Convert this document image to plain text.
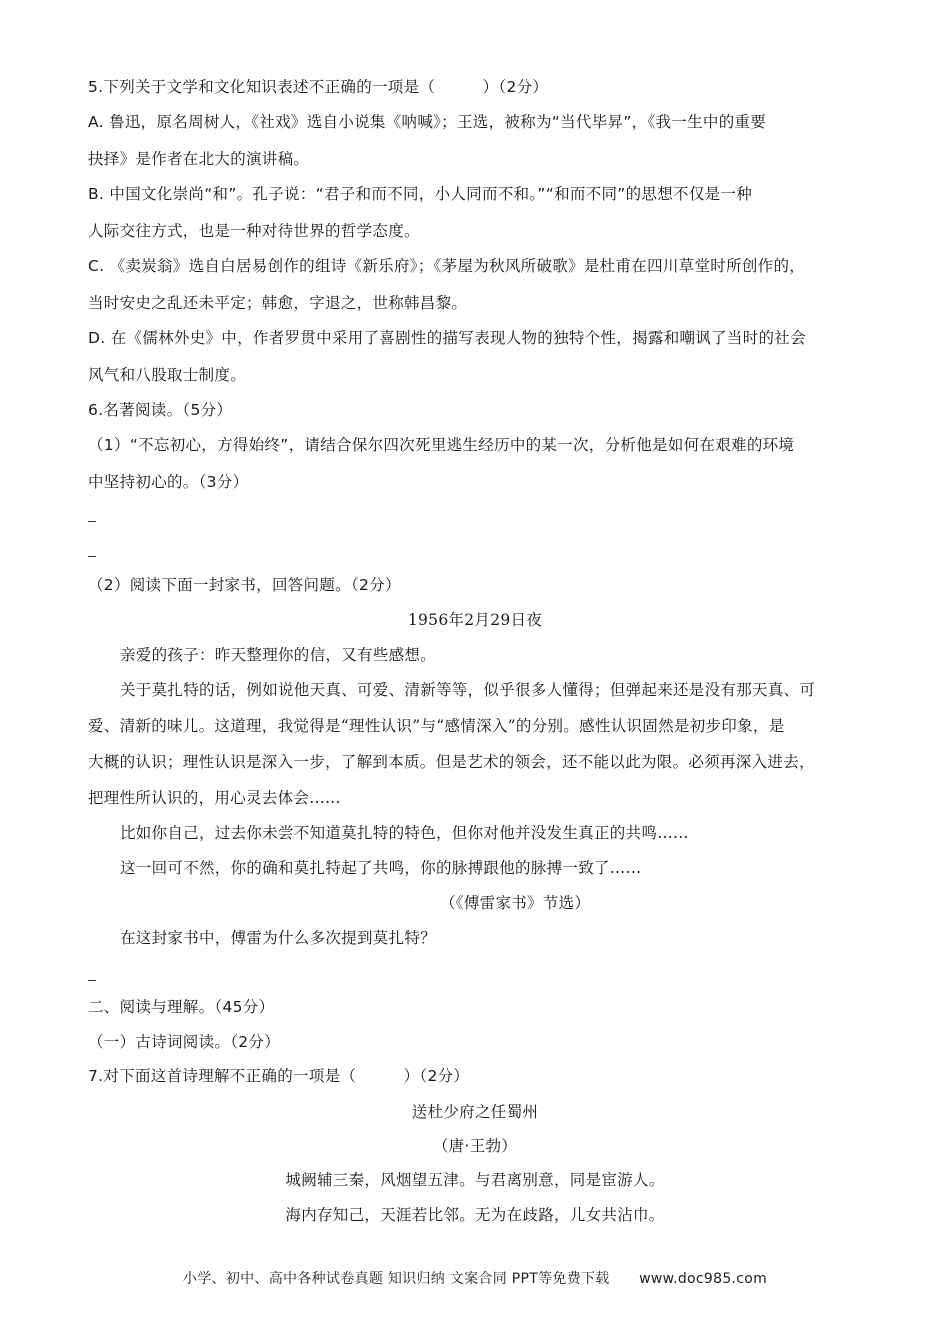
5.下列关于文学和文化知识表述不正确的一项是（　　　）（2分）
A. 鲁迅，原名周树人，《社戏》选自小说集《呐喊》；王选，被称为“当代毕昇”，《我一生中的重要
抉择》是作者在北大的演讲稿。
B. 中国文化崇尚“和”。孔子说：“君子和而不同，小人同而不和。”“和而不同”的思想不仅是一种
人际交往方式，也是一种对待世界的哲学态度。
C. 《卖炭翁》选自白居易创作的组诗《新乐府》；《茅屋为秋风所破歌》是杜甫在四川草堂时所创作的，
当时安史之乱还未平定；韩愈，字退之，世称韩昌黎。
D. 在《儒林外史》中，作者罗贯中采用了喜剧性的描写表现人物的独特个性，揭露和嘲讽了当时的社会
风气和八股取士制度。
6.名著阅读。（5分）
（1）“不忘初心，方得始终”，请结合保尔四次死里逃生经历中的某一次，分析他是如何在艰难的环境
中坚持初心的。（3分）
（2）阅读下面一封家书，回答问题。（2分）
1956年2月29日夜
亲爱的孩子：昨天整理你的信，又有些感想。
关于莫扎特的话，例如说他天真、可爱、清新等等，似乎很多人懂得；但弹起来还是没有那天真、可
爱、清新的味儿。这道理，我觉得是“理性认识”与“感情深入”的分别。感性认识固然是初步印象，是
大概的认识；理性认识是深入一步，了解到本质。但是艺术的领会，还不能以此为限。必须再深入进去，
把理性所认识的，用心灵去体会……
比如你自己，过去你未尝不知道莫扎特的特色，但你对他并没发生真正的共鸣……
这一回可不然，你的确和莫扎特起了共鸣，你的脉搏跟他的脉搏一致了……
（《傅雷家书》节选）
在这封家书中，傅雷为什么多次提到莫扎特？
二、阅读与理解。（45分）
（一）古诗词阅读。（2分）
7.对下面这首诗理解不正确的一项是（　　　）（2分）
送杜少府之任蜀州
（唐·王勃）
城阙辅三秦，风烟望五津。与君离别意，同是宦游人。
海内存知己，天涯若比邻。无为在歧路，儿女共沾巾。
小学、初中、高中各种试卷真题 知识归纳 文案合同 PPT等免费下载 www.doc985.com
